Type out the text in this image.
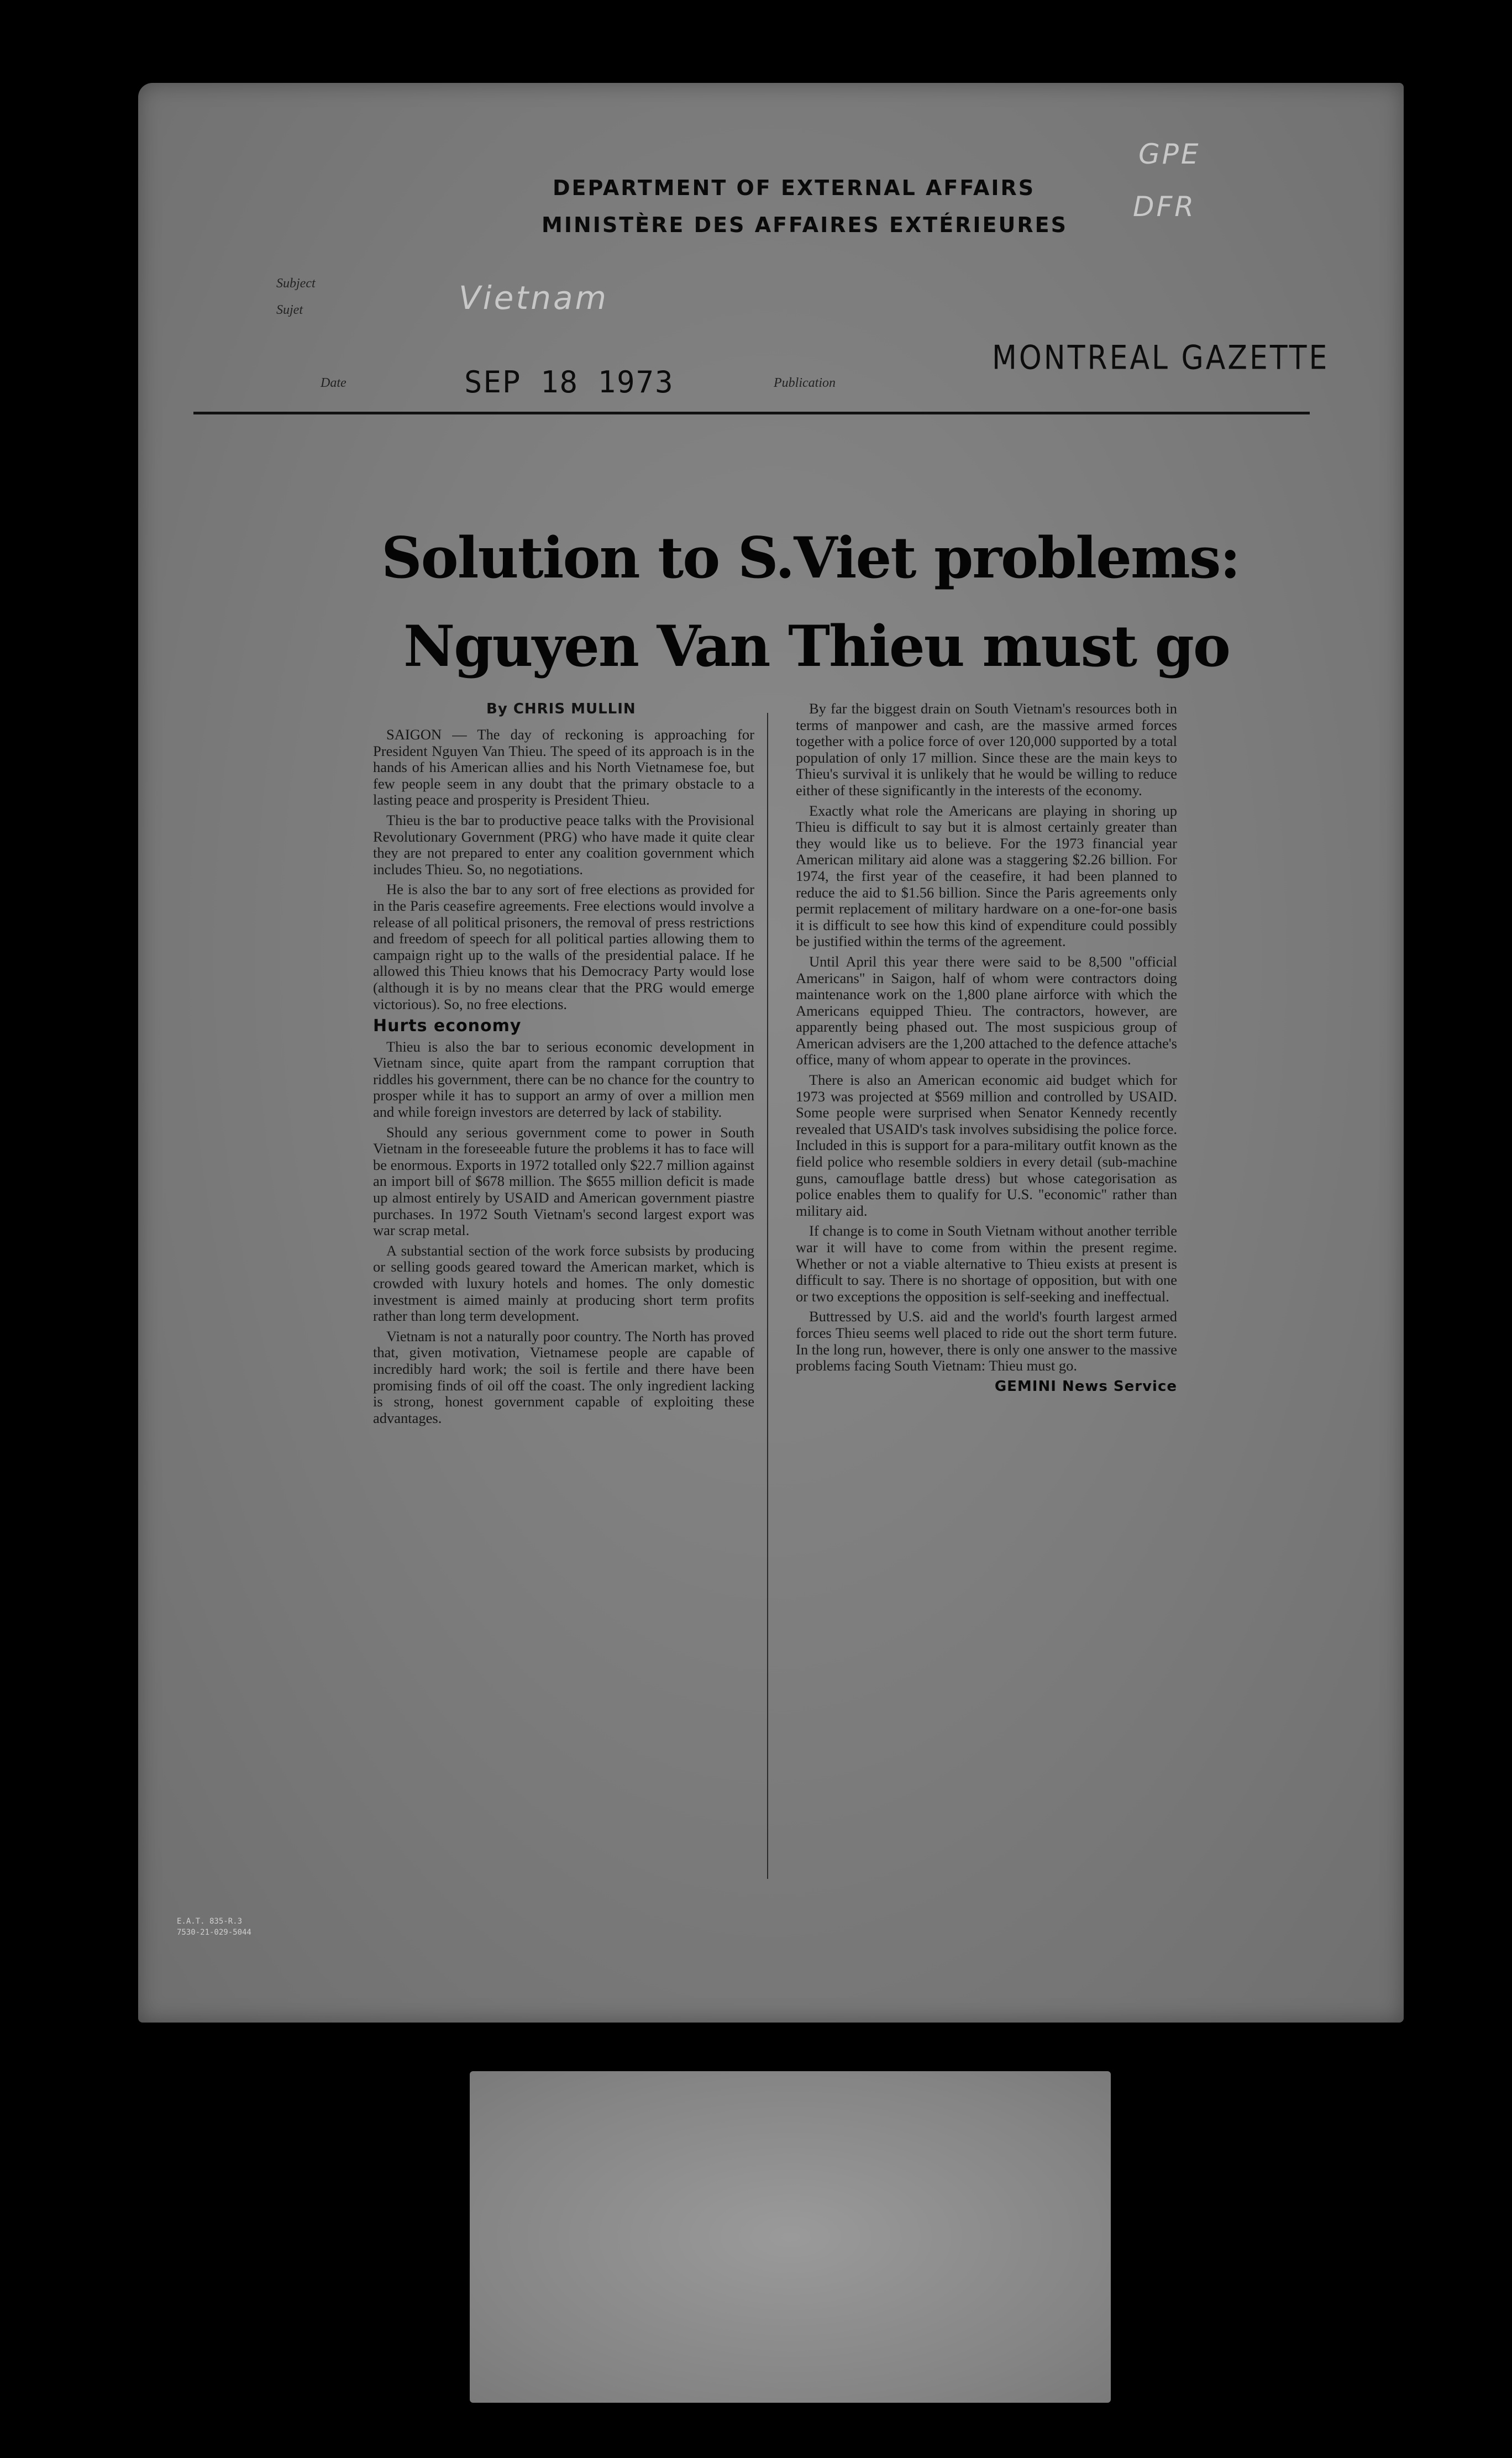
DEPARTMENT OF EXTERNAL AFFAIRS
MINISTÈRE DES AFFAIRES EXTÉRIEURES
Subject
Sujet	Vietnam
GPE
DFR
Date	SEP 18 1973	Publication
MONTREAL GAZETTE
Solution to S.Viet problems:
Nguyen Van Thieu must go
By CHRIS MULLIN

SAIGON — The day of reckoning is approaching for President Nguyen Van Thieu. The speed of its approach is in the hands of his American allies and his North Vietnamese foe, but few people seem in any doubt that the primary obstacle to a lasting peace and prosperity is President Thieu.

Thieu is the bar to productive peace talks with the Provisional Revolutionary Government (PRG) who have made it quite clear they are not prepared to enter any coalition government which includes Thieu. So, no negotiations.

He is also the bar to any sort of free elections as provided for in the Paris ceasefire agreements. Free elections would involve a release of all political prisoners, the removal of press restrictions and freedom of speech for all political parties allowing them to campaign right up to the walls of the presidential palace. If he allowed this Thieu knows that his Democracy Party would lose (although it is by no means clear that the PRG would emerge victorious). So, no free elections.

Hurts economy

Thieu is also the bar to serious economic development in Vietnam since, quite apart from the rampant corruption that riddles his government, there can be no chance for the country to prosper while it has to support an army of over a million men and while foreign investors are deterred by lack of stability.

Should any serious government come to power in South Vietnam in the foreseeable future the problems it has to face will be enormous. Exports in 1972 totalled only $22.7 million against an import bill of $678 million. The $655 million deficit is made up almost entirely by USAID and American government piastre purchases. In 1972 South Vietnam's second largest export was war scrap metal.

A substantial section of the work force subsists by producing or selling goods geared toward the American market, which is crowded with luxury hotels and homes. The only domestic investment is aimed mainly at producing short term profits rather than long term development.

Vietnam is not a naturally poor country. The North has proved that, given motivation, Vietnamese people are capable of incredibly hard work; the soil is fertile and there have been promising finds of oil off the coast. The only ingredient lacking is strong, honest government capable of exploiting these advantages.

By far the biggest drain on South Vietnam's resources both in terms of manpower and cash, are the massive armed forces together with a police force of over 120,000 supported by a total population of only 17 million. Since these are the main keys to Thieu's survival it is unlikely that he would be willing to reduce either of these significantly in the interests of the economy.

Exactly what role the Americans are playing in shoring up Thieu is difficult to say but it is almost certainly greater than they would like us to believe. For the 1973 financial year American military aid alone was a staggering $2.26 billion. For 1974, the first year of the ceasefire, it had been planned to reduce the aid to $1.56 billion. Since the Paris agreements only permit replacement of military hardware on a one-for-one basis it is difficult to see how this kind of expenditure could possibly be justified within the terms of the agreement.

Until April this year there were said to be 8,500 "official Americans" in Saigon, half of whom were contractors doing maintenance work on the 1,800 plane airforce with which the Americans equipped Thieu. The contractors, however, are apparently being phased out. The most suspicious group of American advisers are the 1,200 attached to the defence attache's office, many of whom appear to operate in the provinces.

There is also an American economic aid budget which for 1973 was projected at $569 million and controlled by USAID. Some people were surprised when Senator Kennedy recently revealed that USAID's task involves subsidising the police force. Included in this is support for a para-military outfit known as the field police who resemble soldiers in every detail (sub-machine guns, camouflage battle dress) but whose categorisation as police enables them to qualify for U.S. "economic" rather than military aid.

If change is to come in South Vietnam without another terrible war it will have to come from within the present regime. Whether or not a viable alternative to Thieu exists at present is difficult to say. There is no shortage of opposition, but with one or two exceptions the opposition is self-seeking and ineffectual.

Buttressed by U.S. aid and the world's fourth largest armed forces Thieu seems well placed to ride out the short term future. In the long run, however, there is only one answer to the massive problems facing South Vietnam: Thieu must go.

GEMINI News Service
E.A.T. 835-R.3
7530-21-029-5044
